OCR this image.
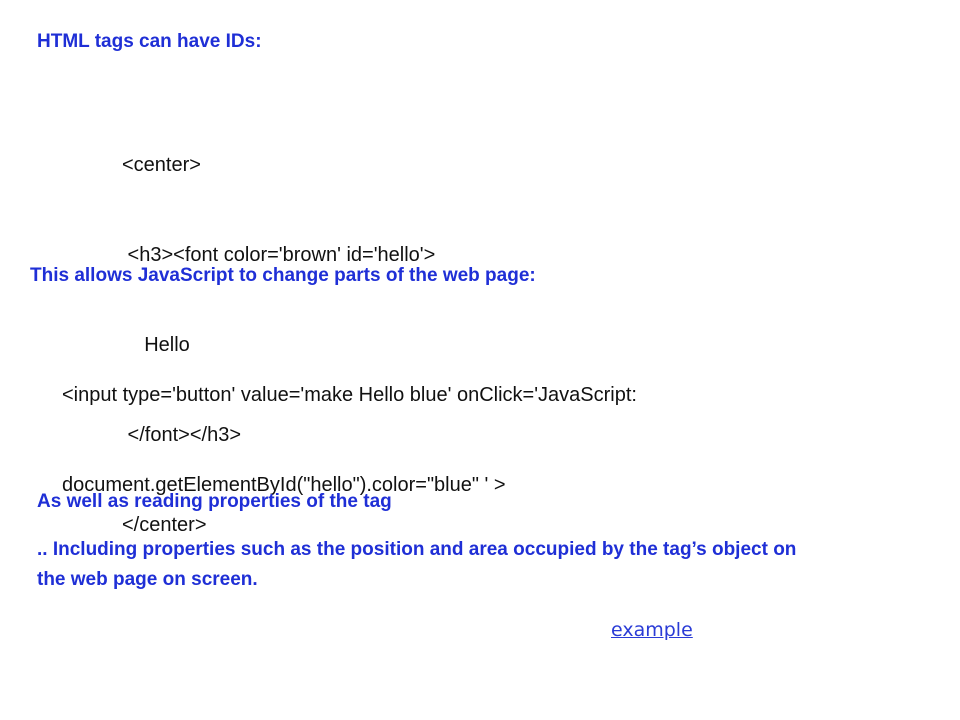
HTML tags can have IDs:

<center>

<h3><font color='brown' id='hello'>

Hello

</font></h3>

</center>

This allows JavaScript to change parts of the web page:

<input type='button' value='make Hello blue' onClick='JavaScript:

document.getElementById("hello").color="blue" ' >

As well as reading properties of the tag
.. Including properties such as the position and area occupied by the tag’s object on
the web page on screen.
example
